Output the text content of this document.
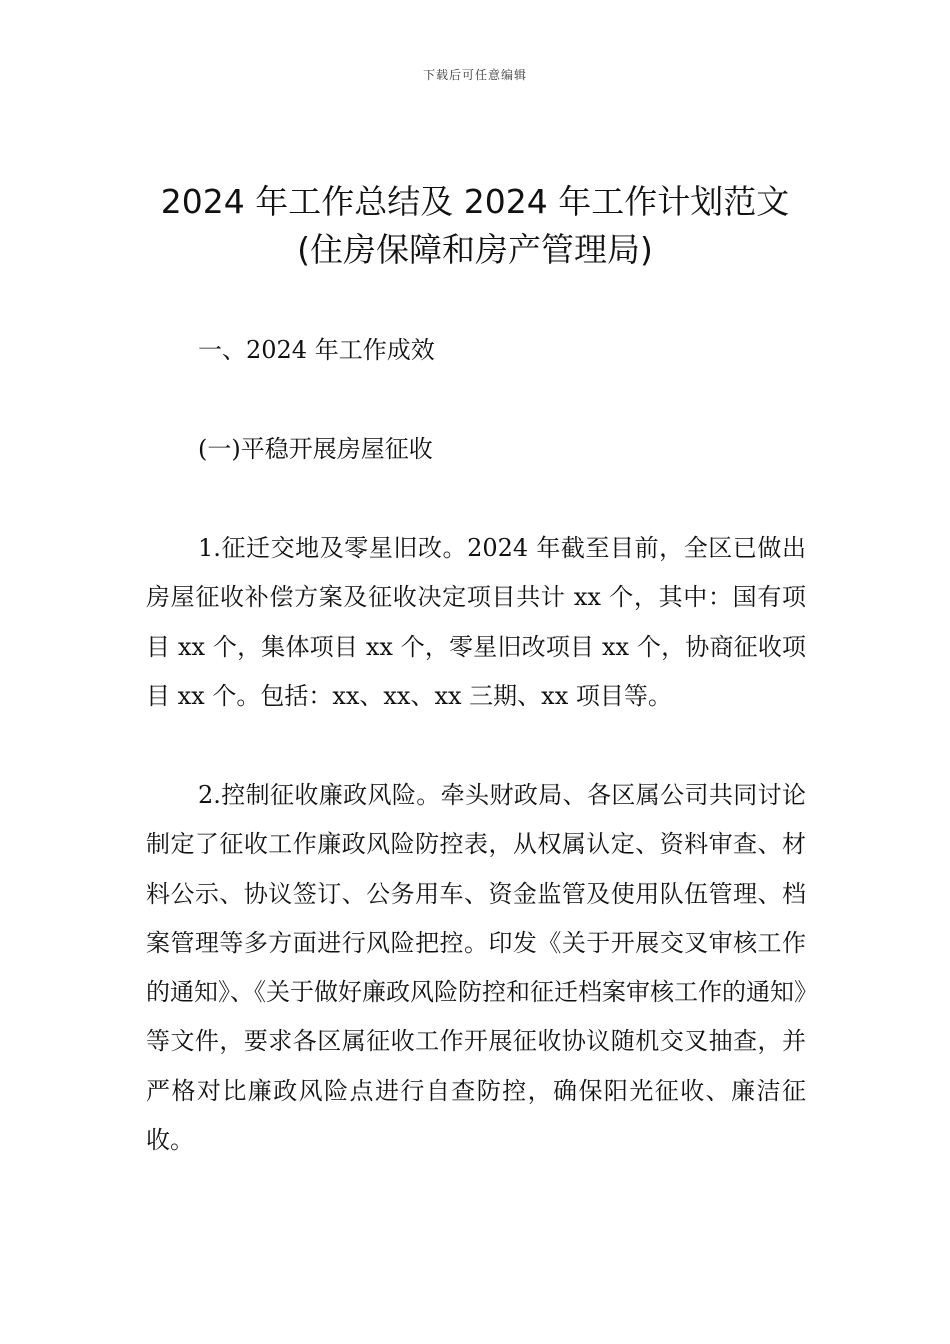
下载后可任意编辑
2024 年工作总结及 2024 年工作计划范文
(住房保障和房产管理局)
一、2024 年工作成效
(一)平稳开展房屋征收
1.征迁交地及零星旧改。2024 年截至目前，全区已做出房屋征收补偿方案及征收决定项目共计 xx 个，其中：国有项目 xx 个，集体项目 xx 个，零星旧改项目 xx 个，协商征收项目 xx 个。包括：xx、xx、xx 三期、xx 项目等。
2.控制征收廉政风险。牵头财政局、各区属公司共同讨论制定了征收工作廉政风险防控表，从权属认定、资料审查、材料公示、协议签订、公务用车、资金监管及使用队伍管理、档案管理等多方面进行风险把控。印发《关于开展交叉审核工作的通知》、《关于做好廉政风险防控和征迁档案审核工作的通知》等文件，要求各区属征收工作开展征收协议随机交叉抽查，并严格对比廉政风险点进行自查防控，确保阳光征收、廉洁征收。
